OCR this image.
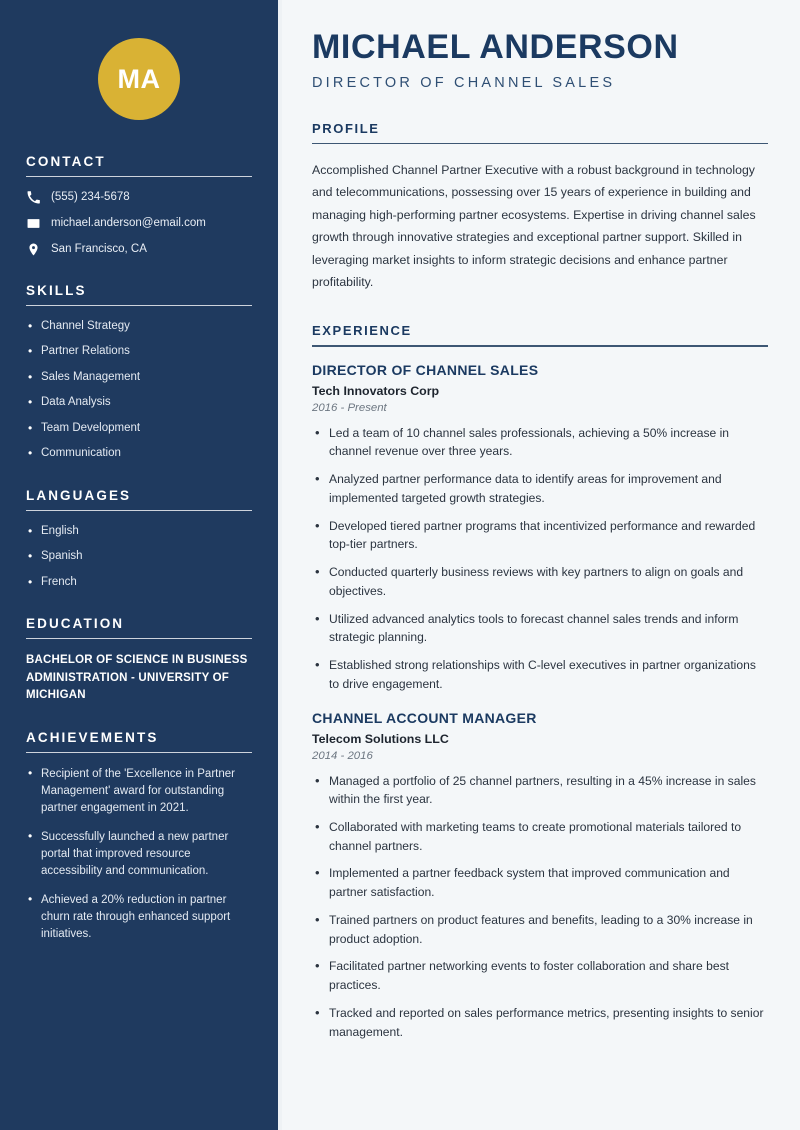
MA
CONTACT
(555) 234-5678
michael.anderson@email.com
San Francisco, CA
SKILLS
• Channel Strategy
• Partner Relations
• Sales Management
• Data Analysis
• Team Development
• Communication
LANGUAGES
• English
• Spanish
• French
EDUCATION
BACHELOR OF SCIENCE IN BUSINESS ADMINISTRATION - UNIVERSITY OF MICHIGAN
ACHIEVEMENTS
• Recipient of the 'Excellence in Partner Management' award for outstanding partner engagement in 2021.
• Successfully launched a new partner portal that improved resource accessibility and communication.
• Achieved a 20% reduction in partner churn rate through enhanced support initiatives.
MICHAEL ANDERSON
DIRECTOR OF CHANNEL SALES
PROFILE

Accomplished Channel Partner Executive with a robust background in technology and telecommunications, possessing over 15 years of experience in building and managing high-performing partner ecosystems. Expertise in driving channel sales growth through innovative strategies and exceptional partner support. Skilled in leveraging market insights to inform strategic decisions and enhance partner profitability.

EXPERIENCE
DIRECTOR OF CHANNEL SALES
Tech Innovators Corp
2016 - Present
• Led a team of 10 channel sales professionals, achieving a 50% increase in channel revenue over three years.
• Analyzed partner performance data to identify areas for improvement and implemented targeted growth strategies.
• Developed tiered partner programs that incentivized performance and rewarded top-tier partners.
• Conducted quarterly business reviews with key partners to align on goals and objectives.
• Utilized advanced analytics tools to forecast channel sales trends and inform strategic planning.
• Established strong relationships with C-level executives in partner organizations to drive engagement.
CHANNEL ACCOUNT MANAGER
Telecom Solutions LLC
2014 - 2016
• Managed a portfolio of 25 channel partners, resulting in a 45% increase in sales within the first year.
• Collaborated with marketing teams to create promotional materials tailored to channel partners.
• Implemented a partner feedback system that improved communication and partner satisfaction.
• Trained partners on product features and benefits, leading to a 30% increase in product adoption.
• Facilitated partner networking events to foster collaboration and share best practices.
• Tracked and reported on sales performance metrics, presenting insights to senior management.
